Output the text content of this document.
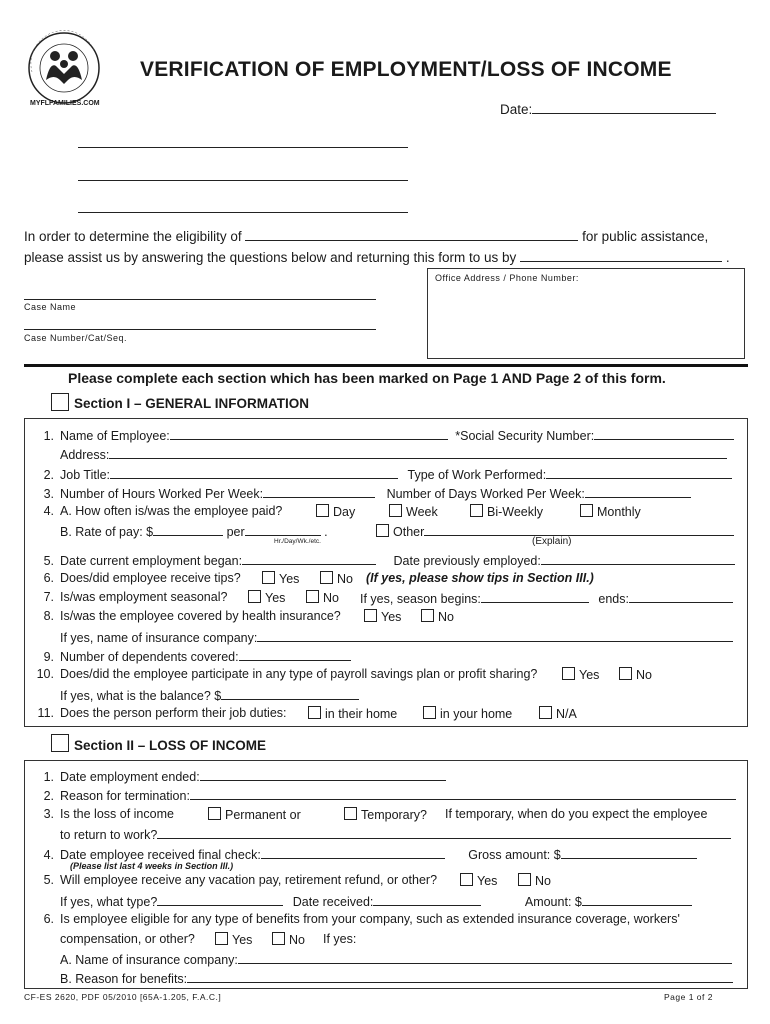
MYFLFAMILIES.COM
VERIFICATION OF EMPLOYMENT/LOSS OF INCOME
Date:
In order to determine the eligibility of	for public assistance,
please assist us by answering the questions below and returning this form to us by	.
Office Address / Phone Number:
Case Name
Case Number/Cat/Seq.
Please complete each section which has been marked on Page 1 AND Page 2 of this form.
Section I – GENERAL INFORMATION
1. Name of Employee:	*Social Security Number:
Address:
2. Job Title:	Type of Work Performed:
3. Number of Hours Worked Per Week:	Number of Days Worked Per Week:
4. A. How often is/was the employee paid?	Day	Week	Bi-Weekly	Monthly
B. Rate of pay: $	per	.	Other
Hr./Day/Wk./etc.	(Explain)
5. Date current employment began:	Date previously employed:
6. Does/did employee receive tips?	Yes	No (If yes, please show tips in Section III.)
7. Is/was employment seasonal?	Yes	No If yes, season begins:	ends:
8. Is/was the employee covered by health insurance?	Yes	No
If yes, name of insurance company:
9. Number of dependents covered:
10. Does/did the employee participate in any type of payroll savings plan or profit sharing?	Yes	No
If yes, what is the balance? $
11. Does the person perform their job duties:	in their home	in your home	N/A
Section II – LOSS OF INCOME
1. Date employment ended:
2. Reason for termination:
3. Is the loss of income	Permanent or	Temporary? If temporary, when do you expect the employee
to return to work?
4. Date employee received final check:	Gross amount: $
(Please list last 4 weeks in Section III.)
5. Will employee receive any vacation pay, retirement refund, or other?	Yes	No
If yes, what type?	Date received:	Amount: $
6. Is employee eligible for any type of benefits from your company, such as extended insurance coverage, workers'
compensation, or other?	Yes	No If yes:
A. Name of insurance company:
B. Reason for benefits:
CF-ES 2620, PDF 05/2010 [65A-1.205, F.A.C.]	Page 1 of 2
